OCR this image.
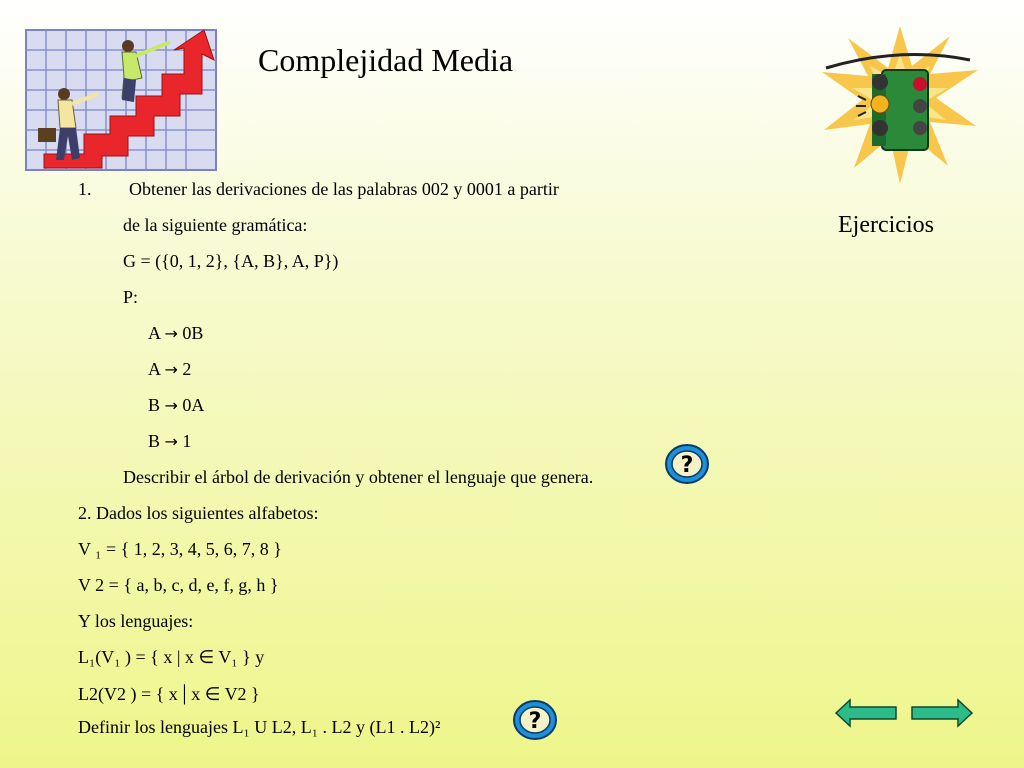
Complejidad Media
Ejercicios
1. Obtener las derivaciones de las palabras 002 y 0001 a partir
de la siguiente gramática:
G = ({0, 1, 2}, {A, B}, A, P})
P:
A → 0B
A → 2
B → 0A
B → 1
Describir el árbol de derivación y obtener el lenguaje que genera.	?
2. Dados los siguientes alfabetos:
V ₁ = { 1, 2, 3, 4, 5, 6, 7, 8 }
V 2 = { a, b, c, d, e, f, g, h }
Y los lenguajes:
L₁(V₁ ) = { x | x ∈ V₁ } y
L2(V2 ) = { x | x ∈ V2 }
Definir los lenguajes L₁ U L2, L₁ . L2 y (L1 . L2)²	?
